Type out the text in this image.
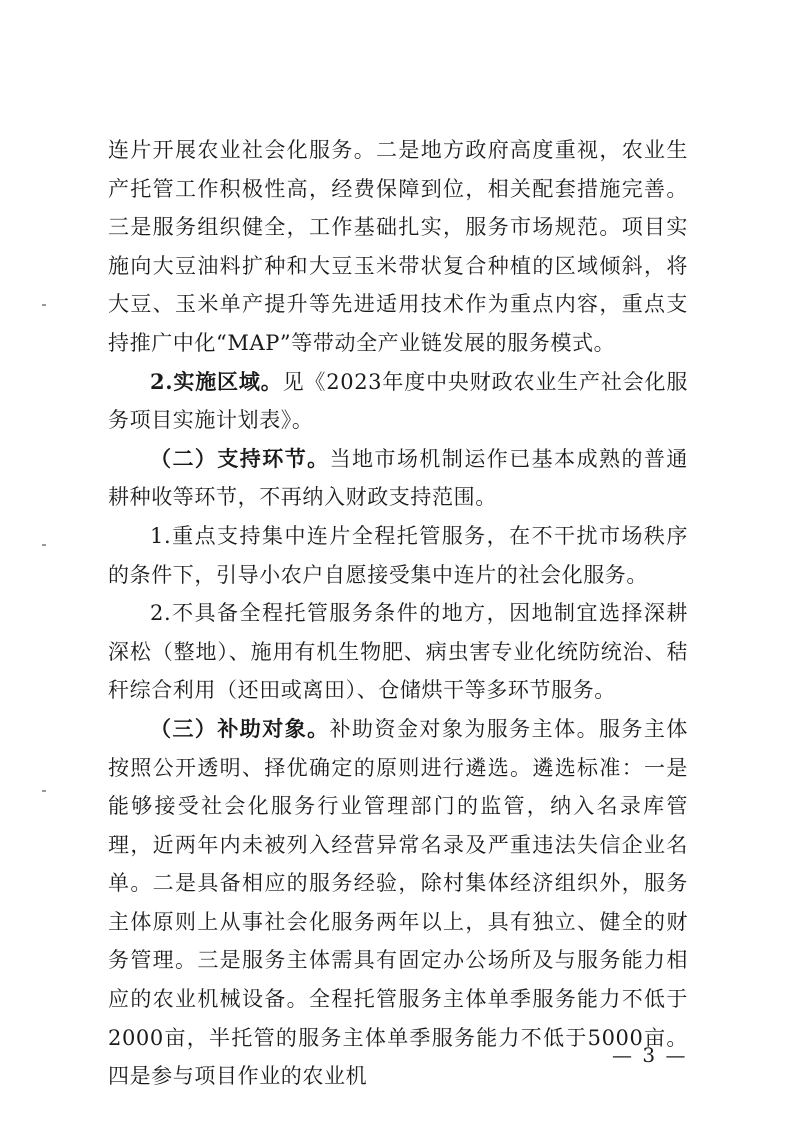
连片开展农业社会化服务。二是地方政府高度重视，农业生产托管工作积极性高，经费保障到位，相关配套措施完善。三是服务组织健全，工作基础扎实，服务市场规范。项目实施向大豆油料扩种和大豆玉米带状复合种植的区域倾斜，将大豆、玉米单产提升等先进适用技术作为重点内容，重点支持推广中化“MAP”等带动全产业链发展的服务模式。

2.实施区域。见《2023年度中央财政农业生产社会化服务项目实施计划表》。

（二）支持环节。当地市场机制运作已基本成熟的普通耕种收等环节，不再纳入财政支持范围。

1.重点支持集中连片全程托管服务，在不干扰市场秩序的条件下，引导小农户自愿接受集中连片的社会化服务。

2.不具备全程托管服务条件的地方，因地制宜选择深耕深松（整地）、施用有机生物肥、病虫害专业化统防统治、秸秆综合利用（还田或离田）、仓储烘干等多环节服务。

（三）补助对象。补助资金对象为服务主体。服务主体按照公开透明、择优确定的原则进行遴选。遴选标准：一是能够接受社会化服务行业管理部门的监管，纳入名录库管理，近两年内未被列入经营异常名录及严重违法失信企业名单。二是具备相应的服务经验，除村集体经济组织外，服务主体原则上从事社会化服务两年以上，具有独立、健全的财务管理。三是服务主体需具有固定办公场所及与服务能力相应的农业机械设备。全程托管服务主体单季服务能力不低于2000亩，半托管的服务主体单季服务能力不低于5000亩。四是参与项目作业的农业机

— 3 —
